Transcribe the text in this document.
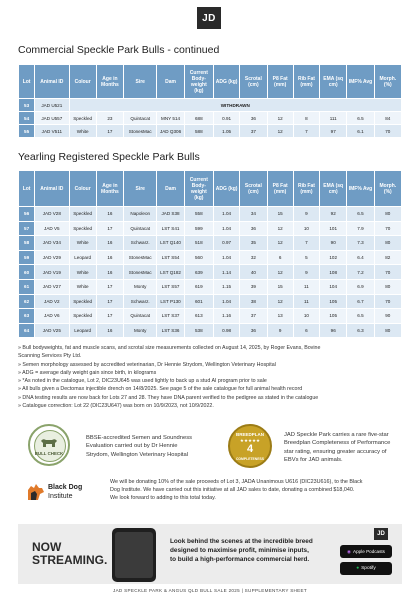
JD
Commercial Speckle Park Bulls - continued
Lot	Animal ID	Colour	Age in Months	Sire	Dam	Current Body-weight (kg)	ADG (kg)	Scrotal (cm)	P8 Fat (mm)	Rib Fat (mm)	EMA (sq cm)	IMF% Avg	Morph. (%)
53	JAD U521	WITHDRAWN											
54	JAD U557	Speckled	23	Quintacat	MNY 514	688	0.91	36	12	8	111	6.5	84
55	JAD V511	White	17	StonesMac	JAD Q306	588	1.05	37	12	7	97	6.1	70
Yearling Registered Speckle Park Bulls
Lot	Animal ID	Colour	Age in Months	Sire	Dam	Current Body-weight (kg)	ADG (kg)	Scrotal (cm)	P8 Fat (mm)	Rib Fat (mm)	EMA (sq cm)	IMF% Avg	Morph. (%)
56	JAD V28	Speckled	16	Napoleon	JAD S38	558	1.04	34	15	9	92	6.5	80
57	JAD V5	Speckled	17	Quintacat	LST S41	599	1.04	36	12	10	101	7.9	70
58	JAD V34	White	16	Schwarz.	LST Q140	518	0.97	35	12	7	90	7.3	80
59	JAD V29	Leopard	16	StonesMac	LST S54	560	1.04	32	6	5	102	6.4	82
60	JAD V19	White	16	StonesMac	LST Q182	639	1.14	40	12	9	108	7.2	70
61	JAD V27	White	17	Monty	LST S57	619	1.15	39	15	11	104	6.9	80
62	JAD V2	Speckled	17	Schwarz.	LST P130	601	1.04	38	12	11	105	6.7	70
63	JAD V6	Speckled	17	Quintacat	LST S37	613	1.16	37	13	10	105	6.5	90
64	JAD V25	Leopard	16	Monty	LST S36	538	0.98	36	9	6	96	6.3	80
» Bull bodyweights, fat and muscle scans, and scrotal size measurements collected on August 14, 2025, by Roger Evans, Bovine
Scanning Services Pty Ltd.
» Semen morphology assessed by accredited veterinarian, Dr Hennie Strydom, Wellington Veterinary Hospital
» ADG = average daily weight gain since birth, in kilograms
» *As noted in the catalogue, Lot 2, DIC23U645 was used lightly to back up a stud AI program prior to sale
» All bulls given a Dectomax injectible drench on 14/8/2025. See page 5 of the sale catalogue for full animal health record
» DNA testing results are now back for Lots 27 and 28. They have DNA parent verified to the pedigree as stated in the catalogue
» Catalogue correction: Lot 22 (DIC23U647) was born on 10/9/2023, not 10/9/2022.
BULL CHECK
BBSE-accredited Semen and Soundness
Evaluation carried out by Dr Hennie
Strydom, Wellington Veterinary Hospital
BREEDPLAN
★★★★★
4
COMPLETENESS
JAD Speckle Park carries a rare five-star
Breedplan Completeness of Performance
star rating, ensuring greater accuracy of
EBVs for JAD animals.
Black Dog
Institute
We will be donating 10% of the sale proceeds of Lot 3, JADA Unanimous U616 (DIC23U616), to the Black
Dog Institute. We have carried out this initiative at all JAD sales to date, donating a combined $18,040.
We look forward to adding to this total today.
NOW
STREAMING.
Look behind the scenes at the incredible breed
designed to maximise profit, minimise inputs,
to build a high-performance commercial herd.
JD
◉ Apple Podcasts
● Spotify
JAD SPECKLE PARK & ANGUS QLD BULL SALE 2025 | SUPPLEMENTARY SHEET
